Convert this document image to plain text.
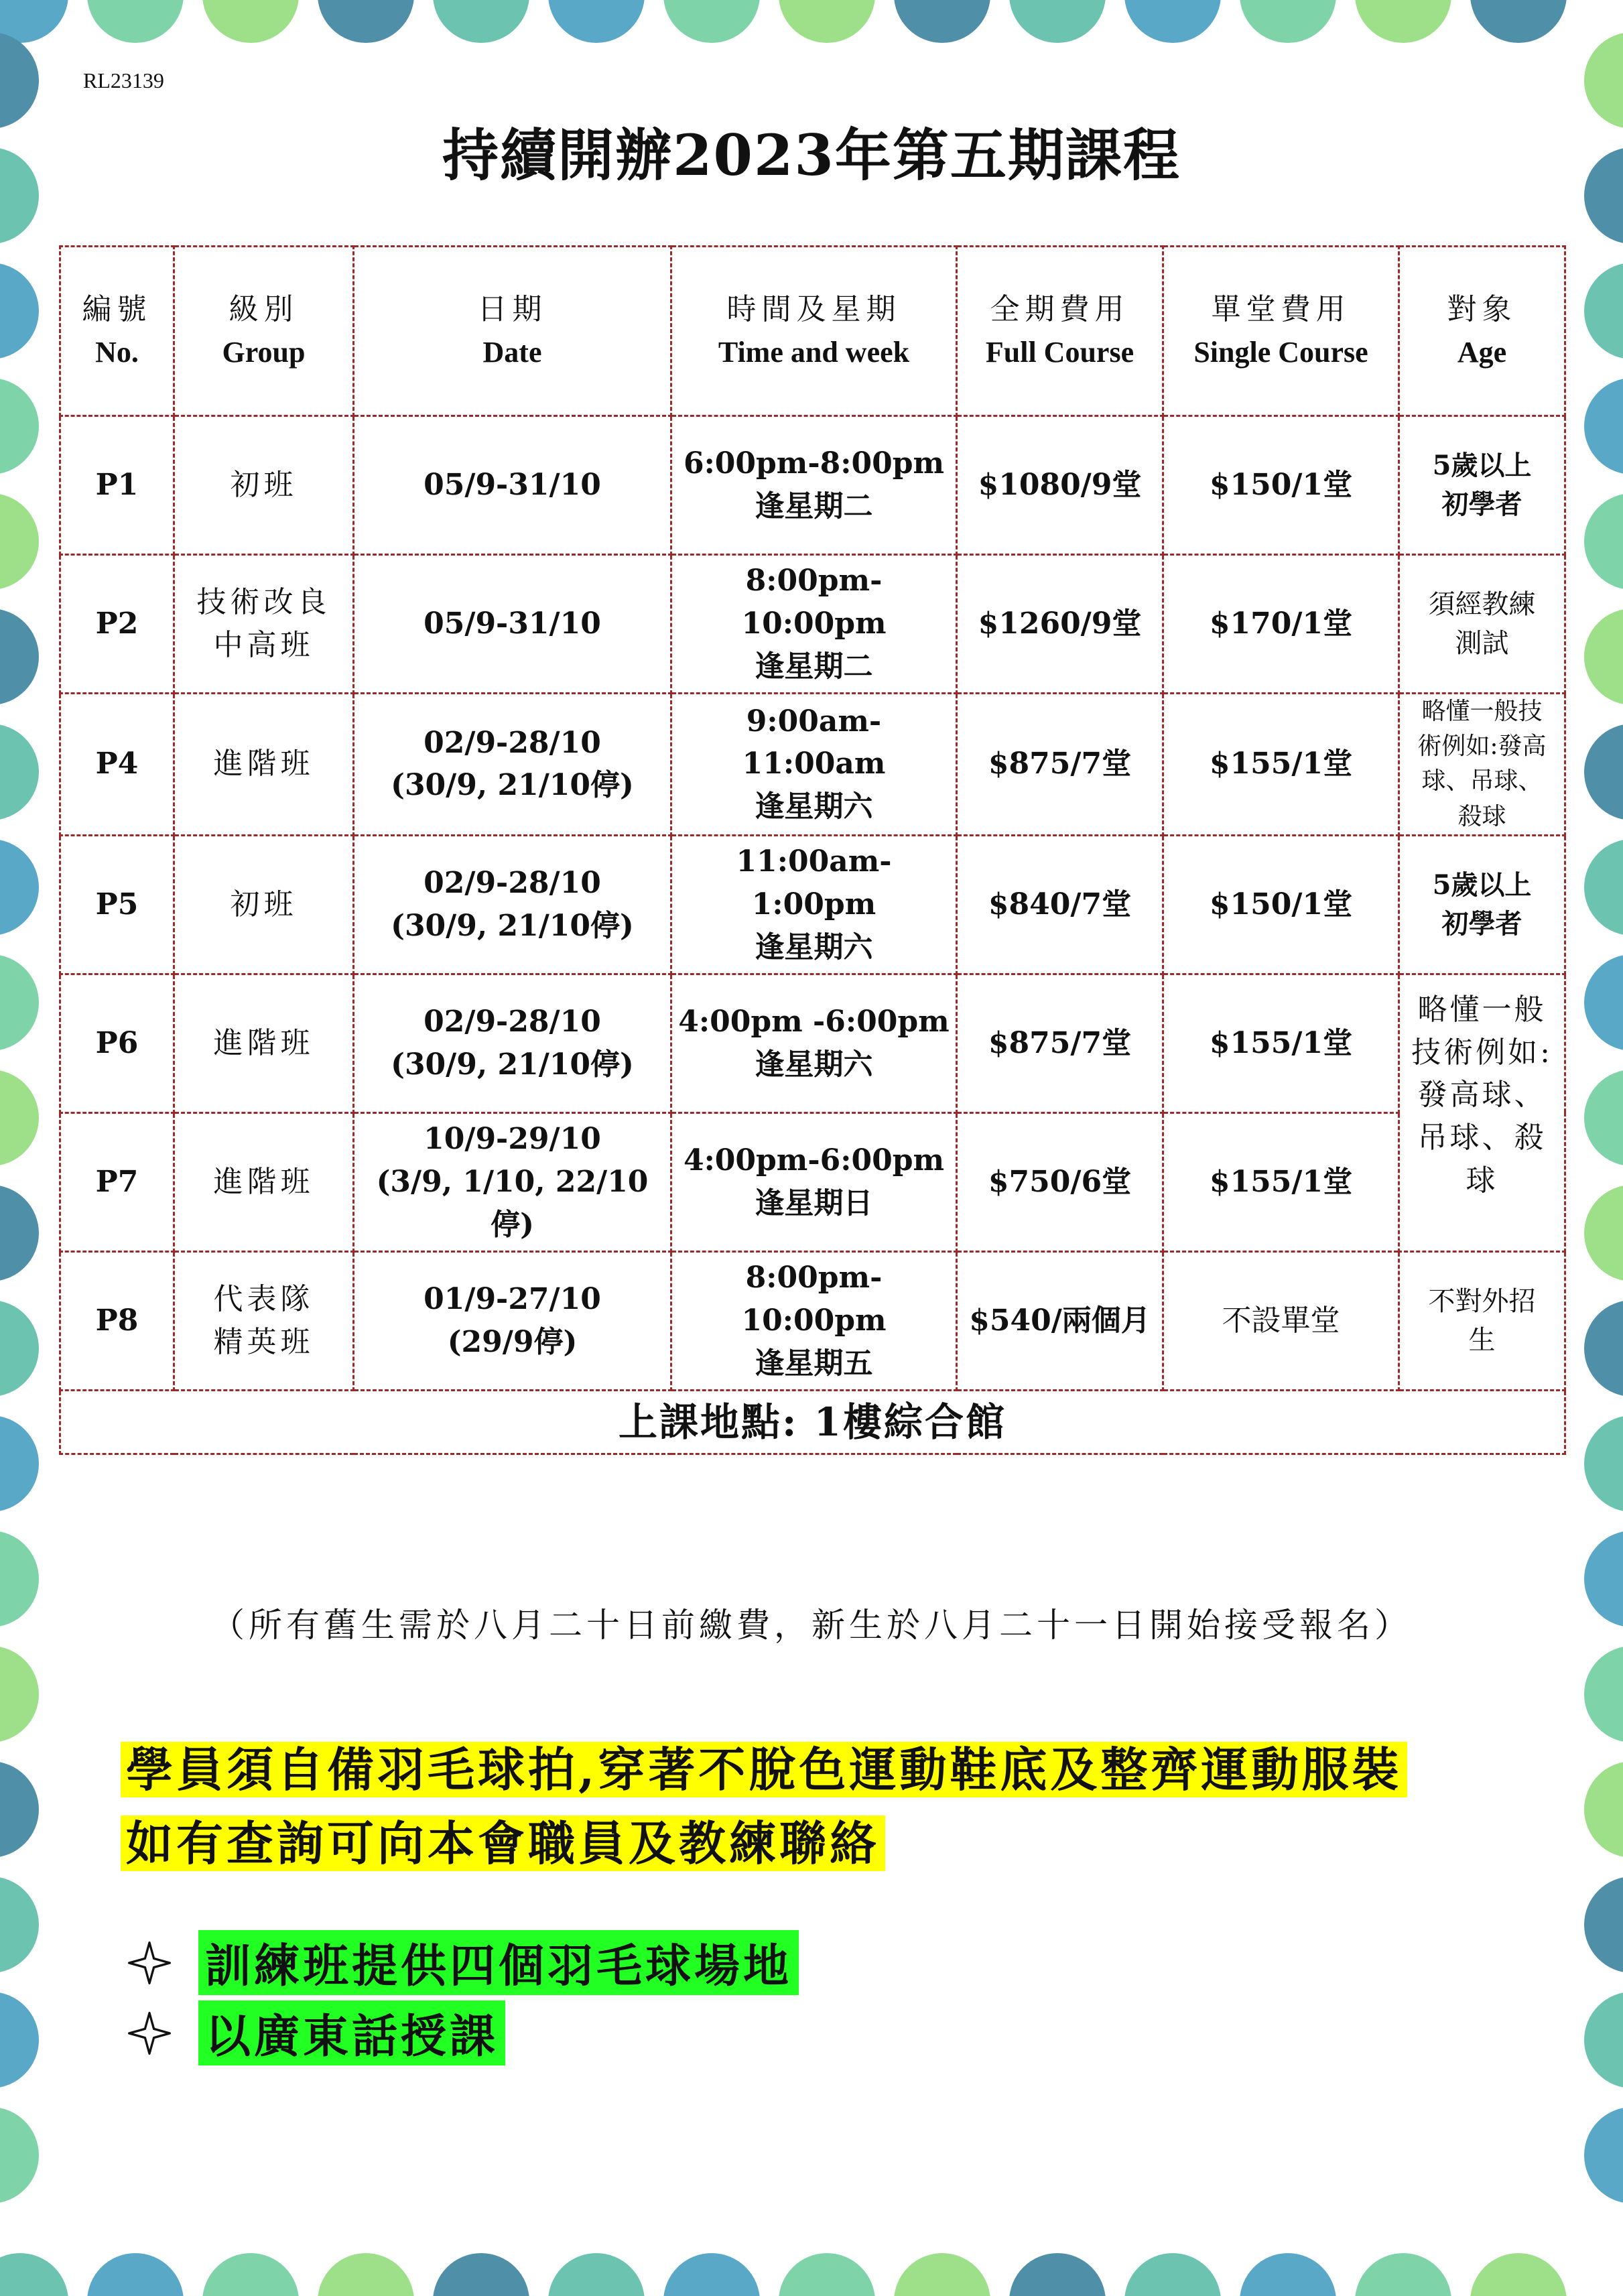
RL23139
持續開辦2023年第五期課程
編號
No.	級別
Group	日期
Date	時間及星期
Time and week	全期費用
Full Course	單堂費用
Single Course	對象
Age

P1	初班	05/9-31/10	6:00pm-8:00pm
逢星期二	$1080/9堂	$150/1堂	5歲以上
初學者

P2	技術改良
中高班	05/9-31/10	8:00pm-10:00pm
逢星期二	$1260/9堂	$170/1堂	須經教練
測試

P4	進階班	02/9-28/10
(30/9, 21/10停)	9:00am-11:00am
逢星期六	$875/7堂	$155/1堂	略懂一般技
術例如:發高
球、吊球、
殺球

P5	初班	02/9-28/10
(30/9, 21/10停)	11:00am-1:00pm
逢星期六	$840/7堂	$150/1堂	5歲以上
初學者

P6	進階班	02/9-28/10
(30/9, 21/10停)	4:00pm -6:00pm
逢星期六	$875/7堂	$155/1堂	略懂一般
技術例如:
發高球、
吊球、殺
球

P7	進階班	10/9-29/10
(3/9, 1/10, 22/10停)	4:00pm-6:00pm
逢星期日	$750/6堂	$155/1堂	
P8	代表隊
精英班	01/9-27/10
(29/9停)	8:00pm-10:00pm
逢星期五	$540/兩個月	不設單堂	不對外招
生

上課地點: 1樓綜合館						
（所有舊生需於八月二十日前繳費，新生於八月二十一日開始接受報名）
學員須自備羽毛球拍,穿著不脫色運動鞋底及整齊運動服裝
如有查詢可向本會職員及教練聯絡
訓練班提供四個羽毛球場地
以廣東話授課
